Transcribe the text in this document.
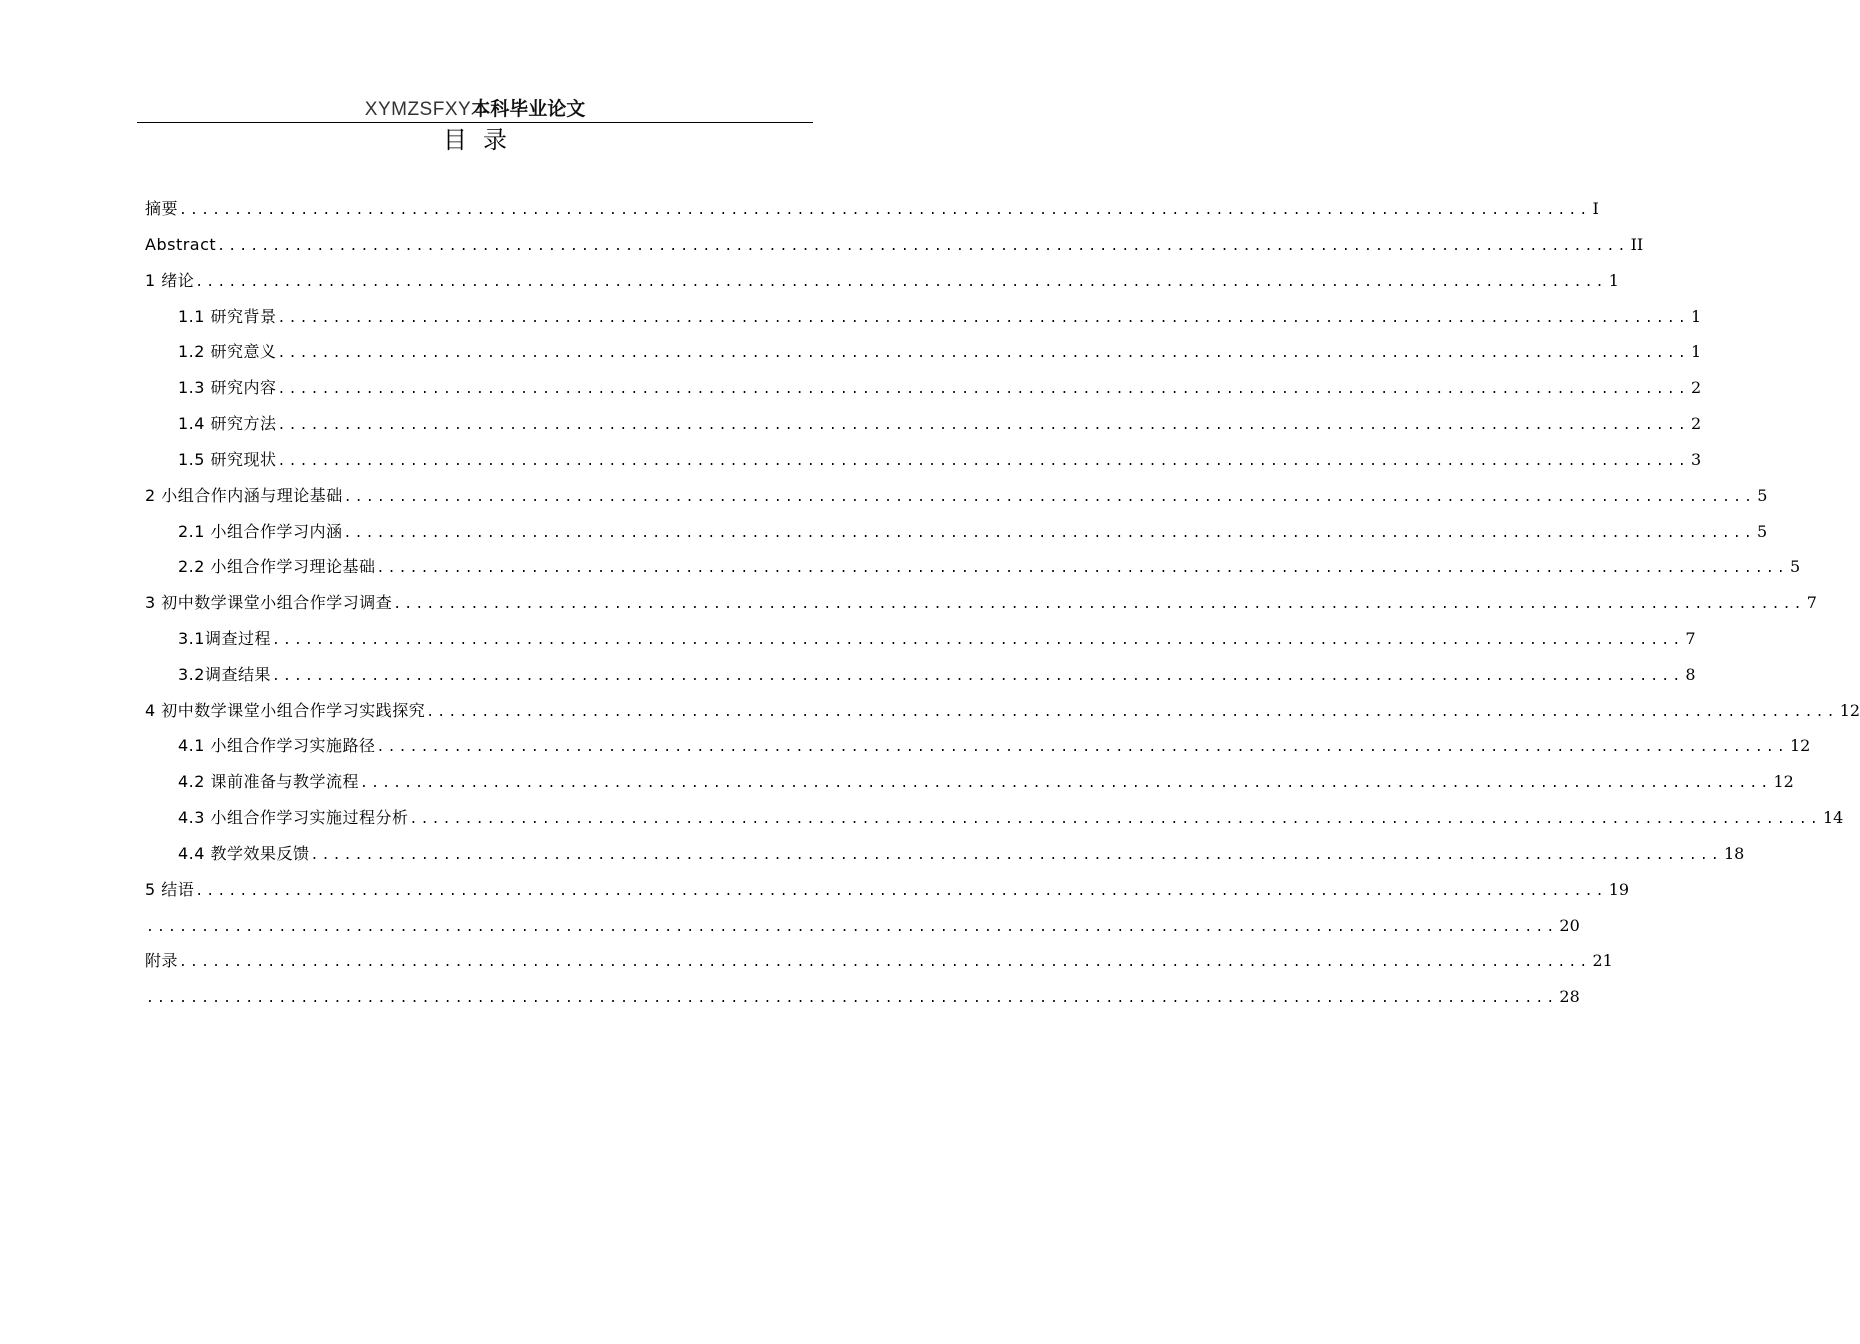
XYMZSFXY本科毕业论文
目录
摘要 ................................................................................................................................ I
Abstract ................................................................................................................................ II
1 绪论 ................................................................................................................................ 1
1.1 研究背景 ................................................................................................................................ 1
1.2 研究意义 ................................................................................................................................ 1
1.3 研究内容 ................................................................................................................................ 2
1.4 研究方法 ................................................................................................................................ 2
1.5 研究现状 ................................................................................................................................ 3
2 小组合作内涵与理论基础 ................................................................................................................................ 5
2.1 小组合作学习内涵 ................................................................................................................................ 5
2.2 小组合作学习理论基础 ................................................................................................................................ 5
3 初中数学课堂小组合作学习调查 ................................................................................................................................ 7
3.1调查过程 ................................................................................................................................ 7
3.2调查结果 ................................................................................................................................ 8
4 初中数学课堂小组合作学习实践探究 ................................................................................................................................ 12
4.1 小组合作学习实施路径 ................................................................................................................................ 12
4.2 课前准备与教学流程 ................................................................................................................................ 12
4.3 小组合作学习实施过程分析 ................................................................................................................................ 14
4.4 教学效果反馈 ................................................................................................................................ 18
5 结语 ................................................................................................................................ 19
................................................................................................................................ 20
附录 ................................................................................................................................ 21
................................................................................................................................ 28
